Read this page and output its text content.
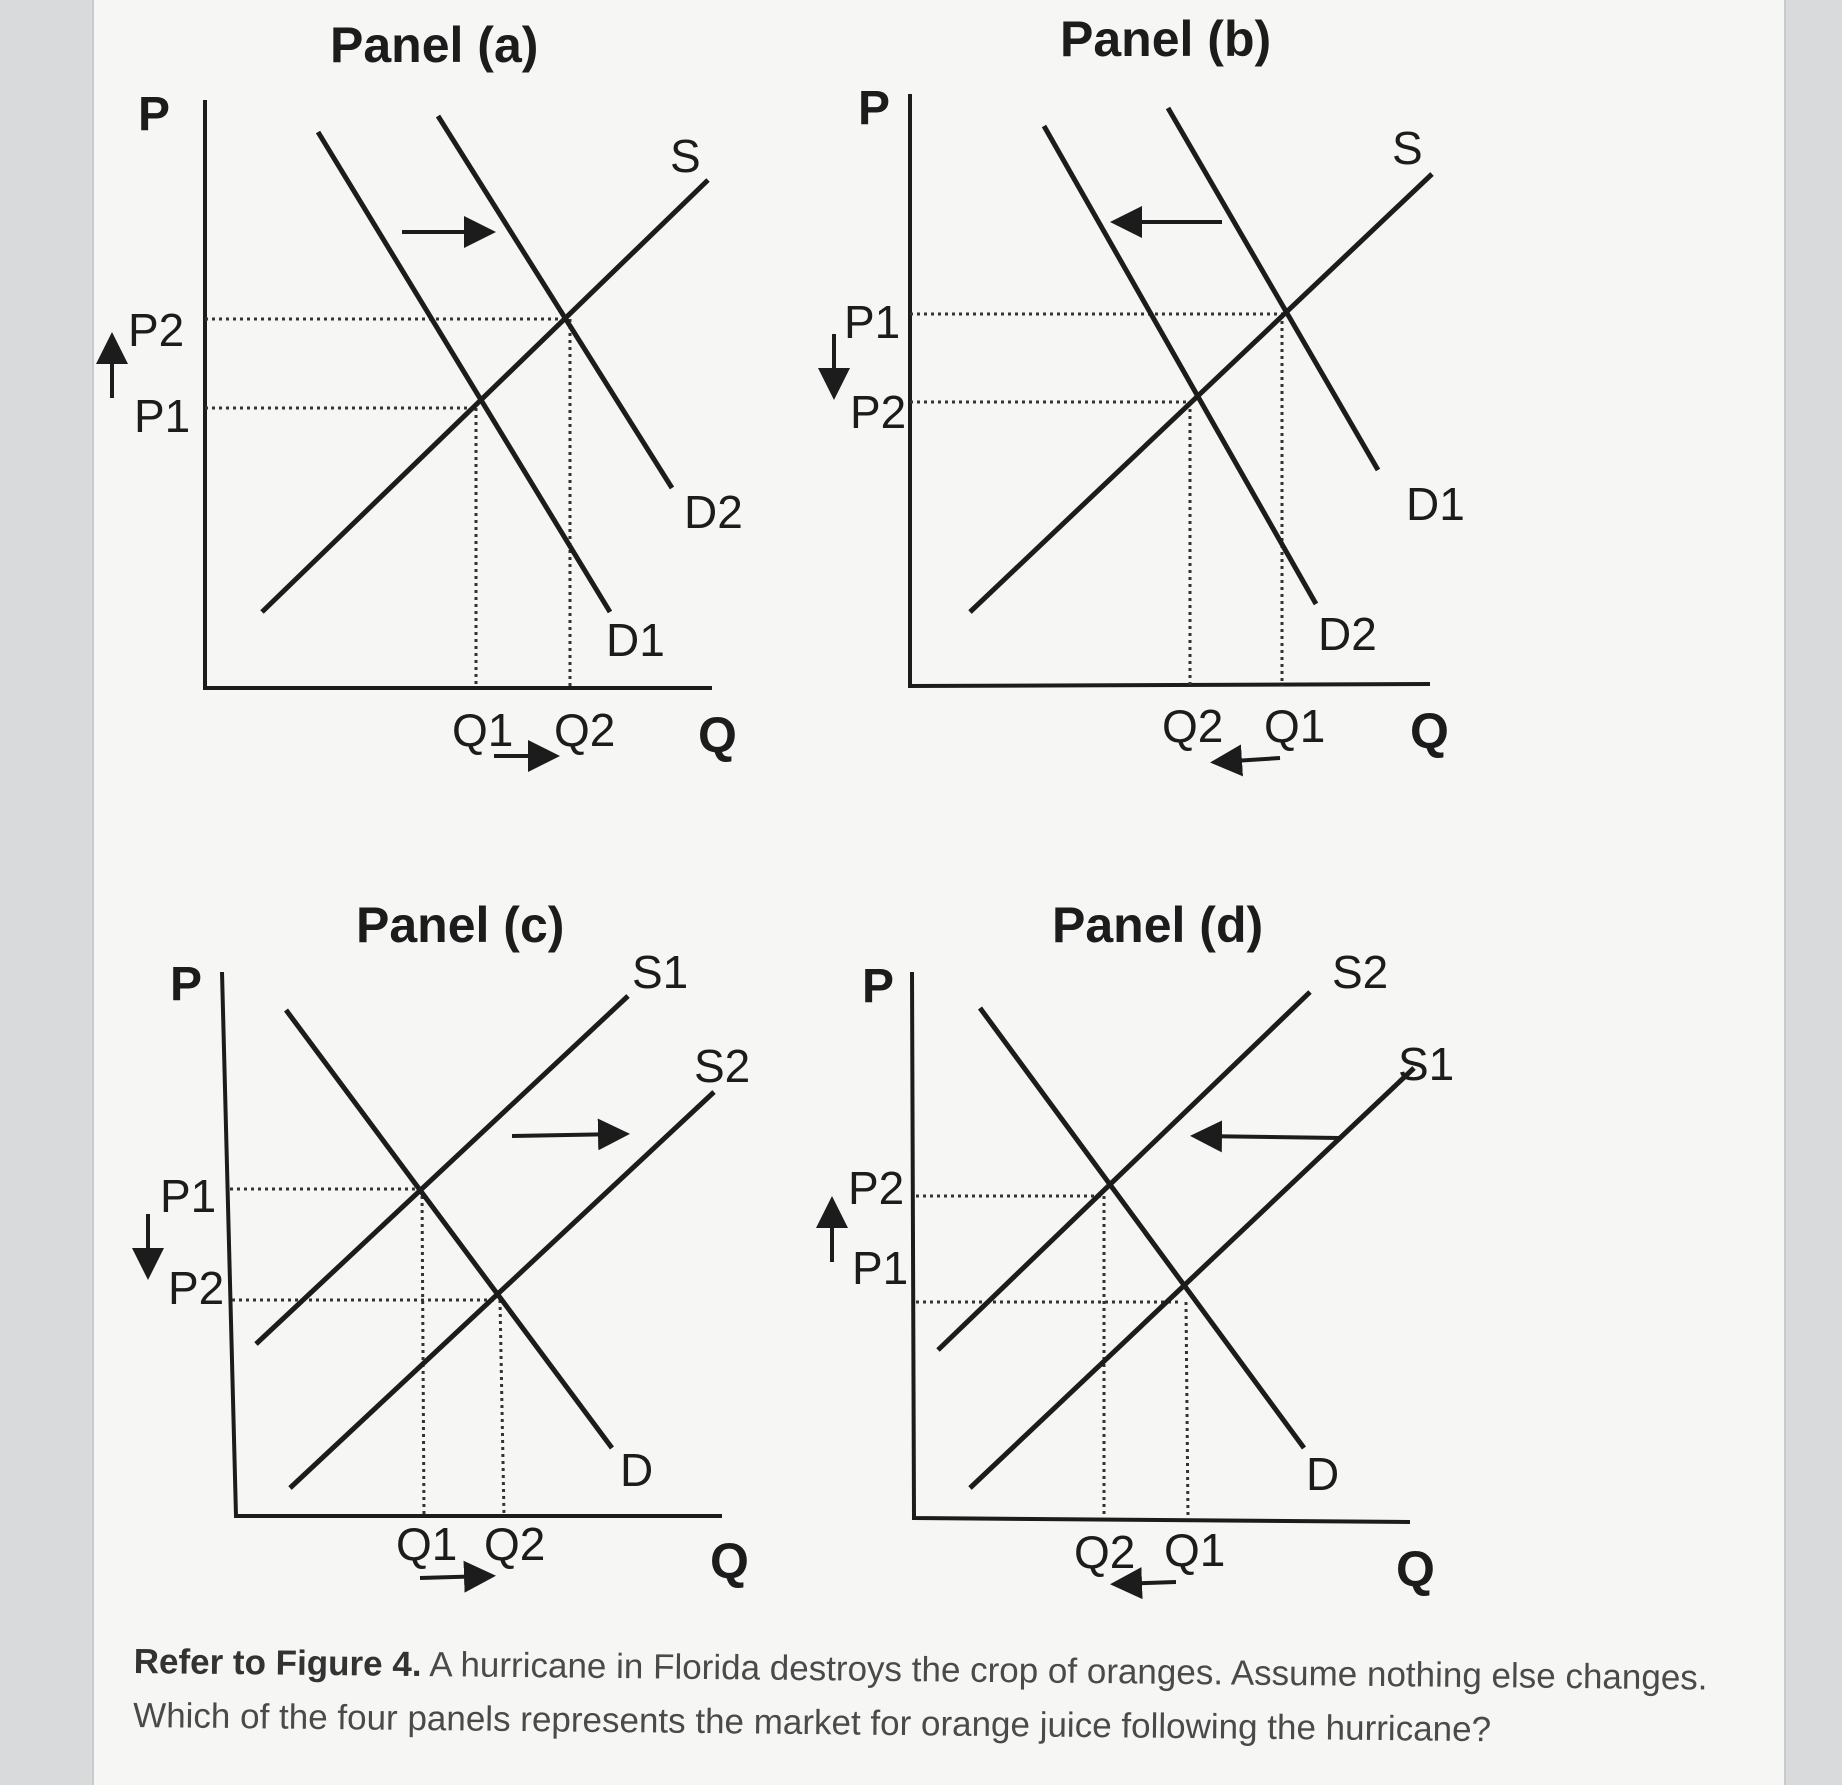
Panel (a)
P
S
D2
D1
P2
P1
Q1 Q2 Q
Panel (b)
P
S
D1
D2
P1
P2
Q2 Q1 Q
Panel (c)
P	S1
S2
D
P1
P2
Q1 Q2	Q
Panel (d)
P	S2
S1
D
P2
P1
Q2 Q1	Q
Refer to Figure 4. A hurricane in Florida destroys the crop of oranges. Assume nothing else changes. Which of the four panels represents the market for orange juice following the hurricane?
